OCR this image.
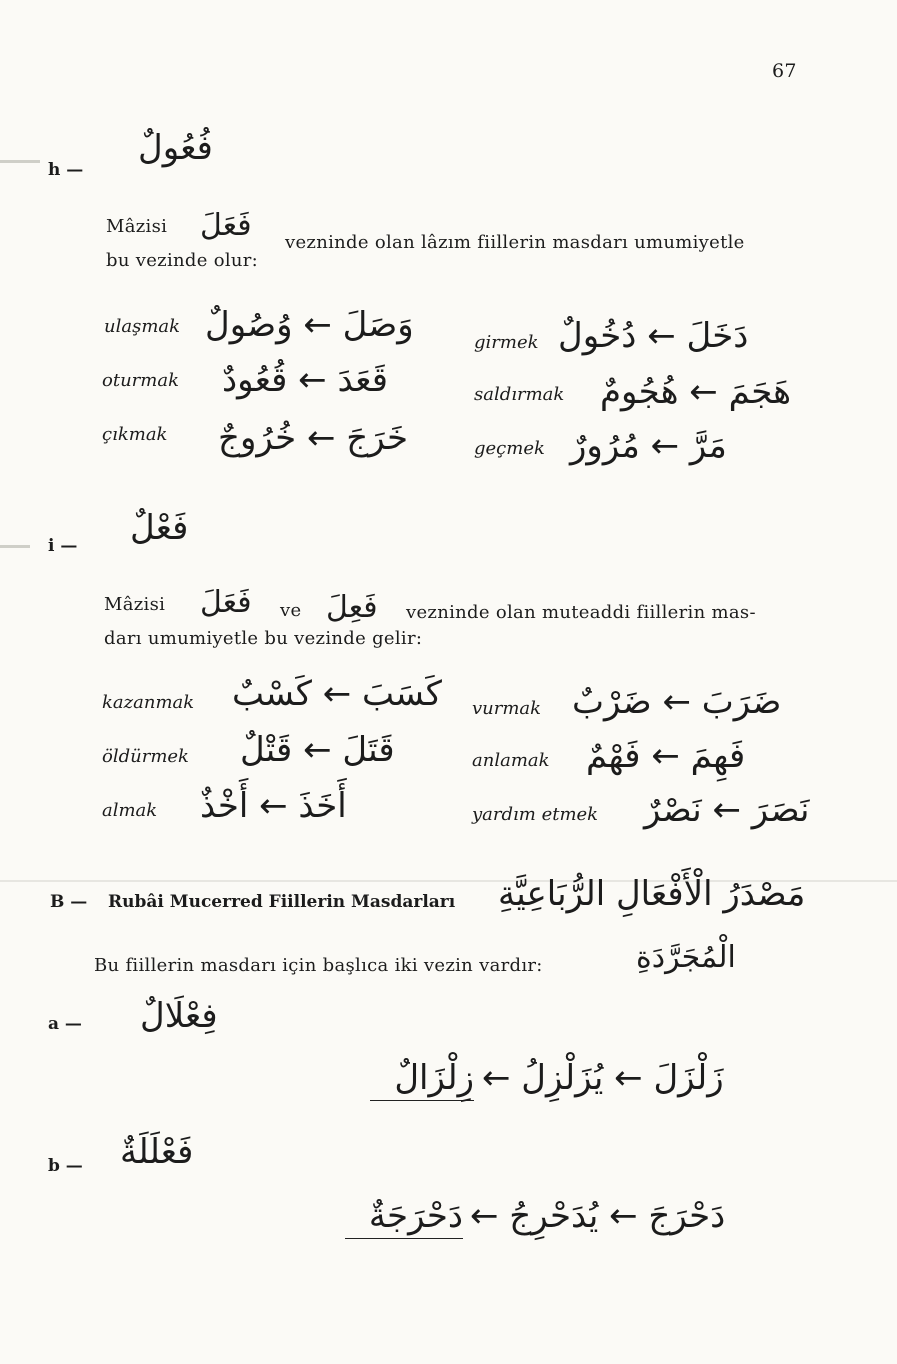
67
h —
فُعُولٌ
Mâzisi فَعَلَ vezninde olan lâzım fiillerin masdarı umumiyetle
bu vezinde olur:
ulaşmak وَصَلَ ← وُصُولٌ	girmek دَخَلَ ← دُخُولٌ
oturmak قَعَدَ ← قُعُودٌ	saldırmak هَجَمَ ← هُجُومٌ
çıkmak خَرَجَ ← خُرُوجٌ	geçmek مَرَّ ← مُرُورٌ
i — فَعْلٌ
Mâzisi فَعَلَ ve فَعِلَ vezninde olan muteaddi fiillerin mas-
darı umumiyetle bu vezinde gelir:
kazanmak كَسَبَ ← كَسْبٌ vurmak ضَرَبَ ← ضَرْبٌ
öldürmek قَتَلَ ← قَتْلٌ	anlamak فَهِمَ ← فَهْمٌ
almak أَخَذَ ← أَخْذٌ	yardım etmek نَصَرَ ← نَصْرٌ
B — Rubâi Mucerred Fiillerin Masdarları مَصْدَرُ الْأَفْعَالِ الرُّبَاعِيَّةِ
الْمُجَرَّدَةِ
Bu fiillerin masdarı için başlıca iki vezin vardır:
a — فِعْلَالٌ
زَلْزَلَ ← يُزَلْزِلُ ←
زِلْزَالٌ
b — فَعْلَلَةٌ
دَحْرَجَ ← يُدَحْرِجُ ←
دَحْرَجَةٌ
